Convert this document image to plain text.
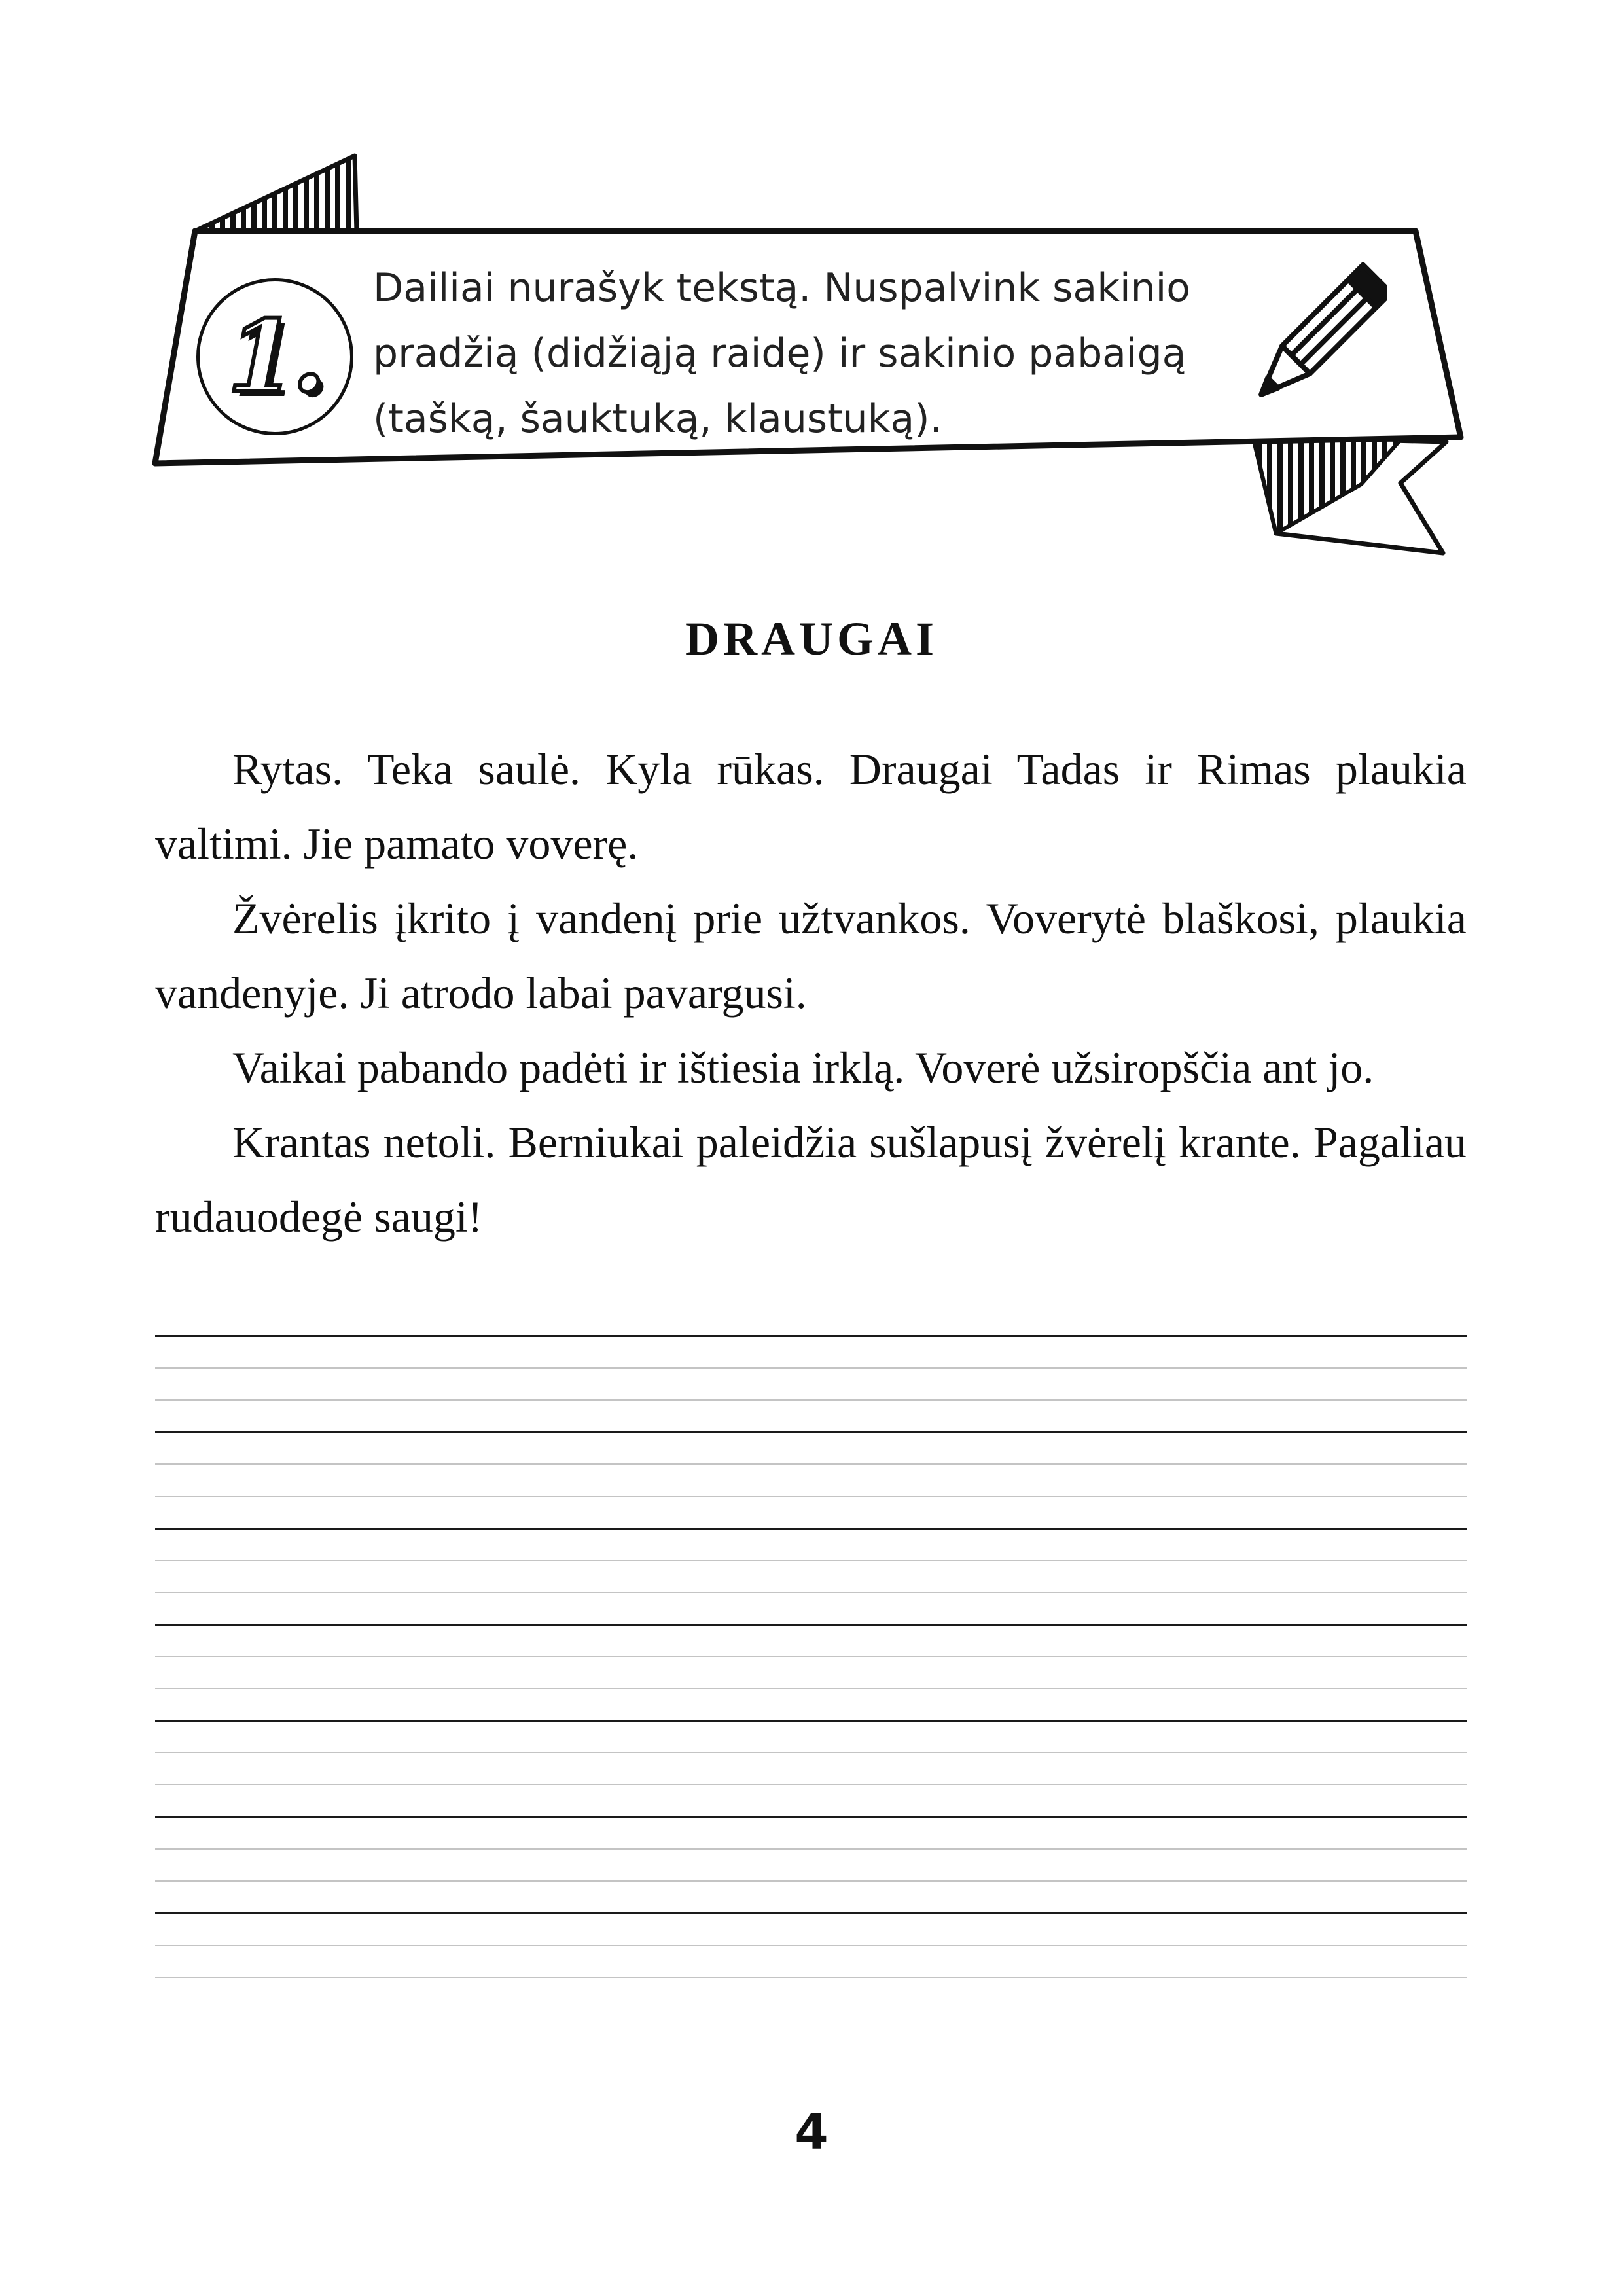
1.
Dailiai nurašyk tekstą. Nuspalvink sakinio pradžią (didžiąją raidę) ir sakinio pabaigą (tašką, šauktuką, klaustuką).
DRAUGAI

Rytas. Teka saulė. Kyla rūkas. Draugai Tadas ir Rimas plaukia valtimi. Jie pamato voverę.

Žvėrelis įkrito į vandenį prie užtvankos. Voverytė blaškosi, plaukia vandenyje. Ji atrodo labai pavargusi.

Vaikai pabando padėti ir ištiesia irklą. Voverė užsiropščia ant jo.

Krantas netoli. Berniukai paleidžia sušlapusį žvėrelį krante. Pagaliau rudauodegė saugi!

4
